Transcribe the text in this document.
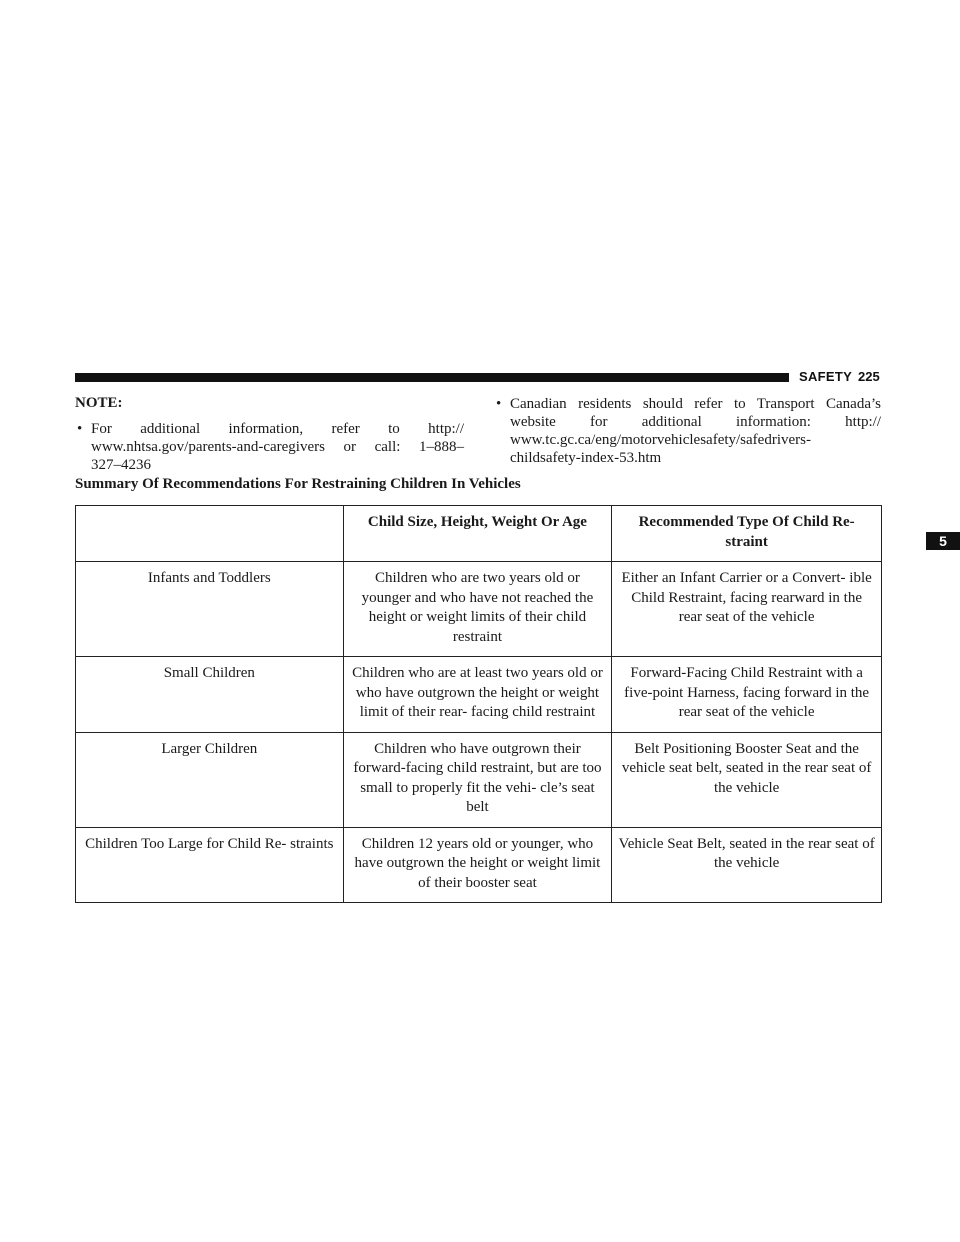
SAFETY 225
5
NOTE:
• For additional information, refer to http://
www.nhtsa.gov/parents-and-caregivers or call: 1–888–
327–4236
• Canadian residents should refer to Transport Canada’s
website for additional information: http://
www.tc.gc.ca/eng/motorvehiclesafety/safedrivers-
childsafety-index-53.htm
Summary Of Recommendations For Restraining Children In Vehicles
	Child Size, Height, Weight Or Age	Recommended Type Of Child Re- straint
Infants and Toddlers	Children who are two years old or younger and who have not reached the height or weight limits of their child restraint	Either an Infant Carrier or a Convert- ible Child Restraint, facing rearward in the rear seat of the vehicle
Small Children	Children who are at least two years old or who have outgrown the height or weight limit of their rear- facing child restraint	Forward-Facing Child Restraint with a five-point Harness, facing forward in the rear seat of the vehicle
Larger Children	Children who have outgrown their forward-facing child restraint, but are too small to properly fit the vehi- cle’s seat belt	Belt Positioning Booster Seat and the vehicle seat belt, seated in the rear seat of the vehicle
Children Too Large for Child Re- straints	Children 12 years old or younger, who have outgrown the height or weight limit of their booster seat	Vehicle Seat Belt, seated in the rear seat of the vehicle
